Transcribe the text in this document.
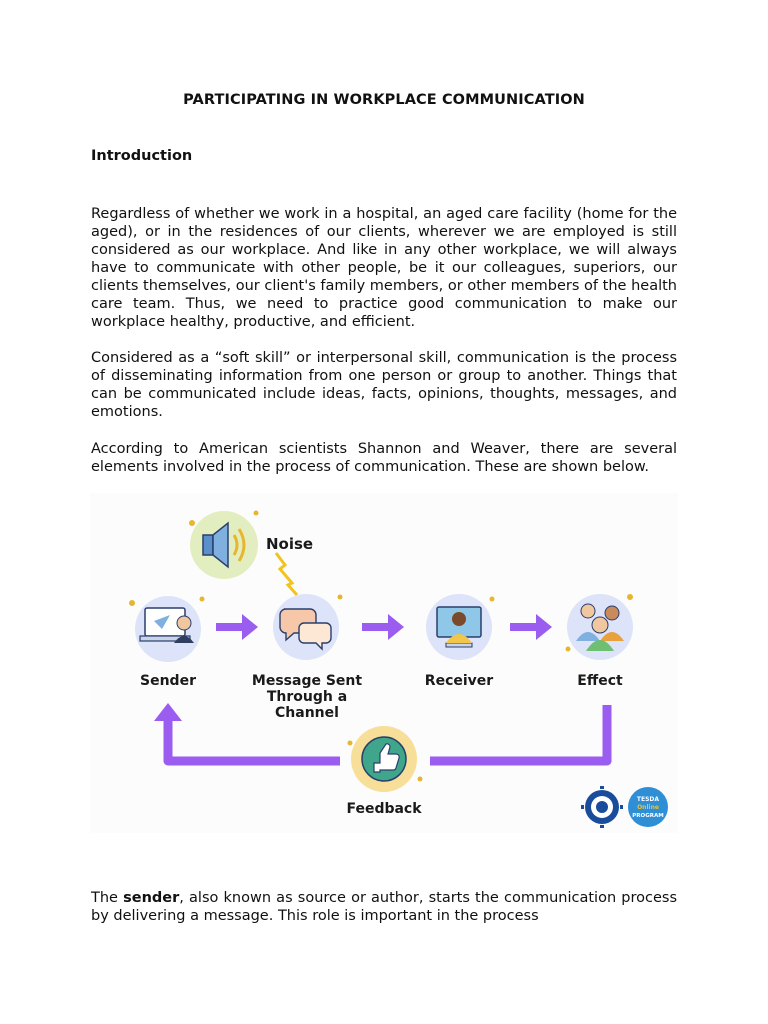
PARTICIPATING IN WORKPLACE COMMUNICATION
Introduction

Regardless of whether we work in a hospital, an aged care facility (home for the aged), or in the residences of our clients, wherever we are employed is still considered as our workplace. And like in any other workplace, we will always have to communicate with other people, be it our colleagues, superiors, our clients themselves, our client's family members, or other members of the health care team. Thus, we need to practice good communication to make our workplace healthy, productive, and efficient.

Considered as a “soft skill” or interpersonal skill, communication is the process of disseminating information from one person or group to another. Things that can be communicated include ideas, facts, opinions, thoughts, messages, and emotions.

According to American scientists Shannon and Weaver, there are several elements involved in the process of communication. These are shown below.

Noise
Sender	Message Sent
Through a
Channel
Receiver	Effect
Feedback
TESDA
Online
PROGRAM

The sender, also known as source or author, starts the communication process by delivering a message. This role is important in the process
